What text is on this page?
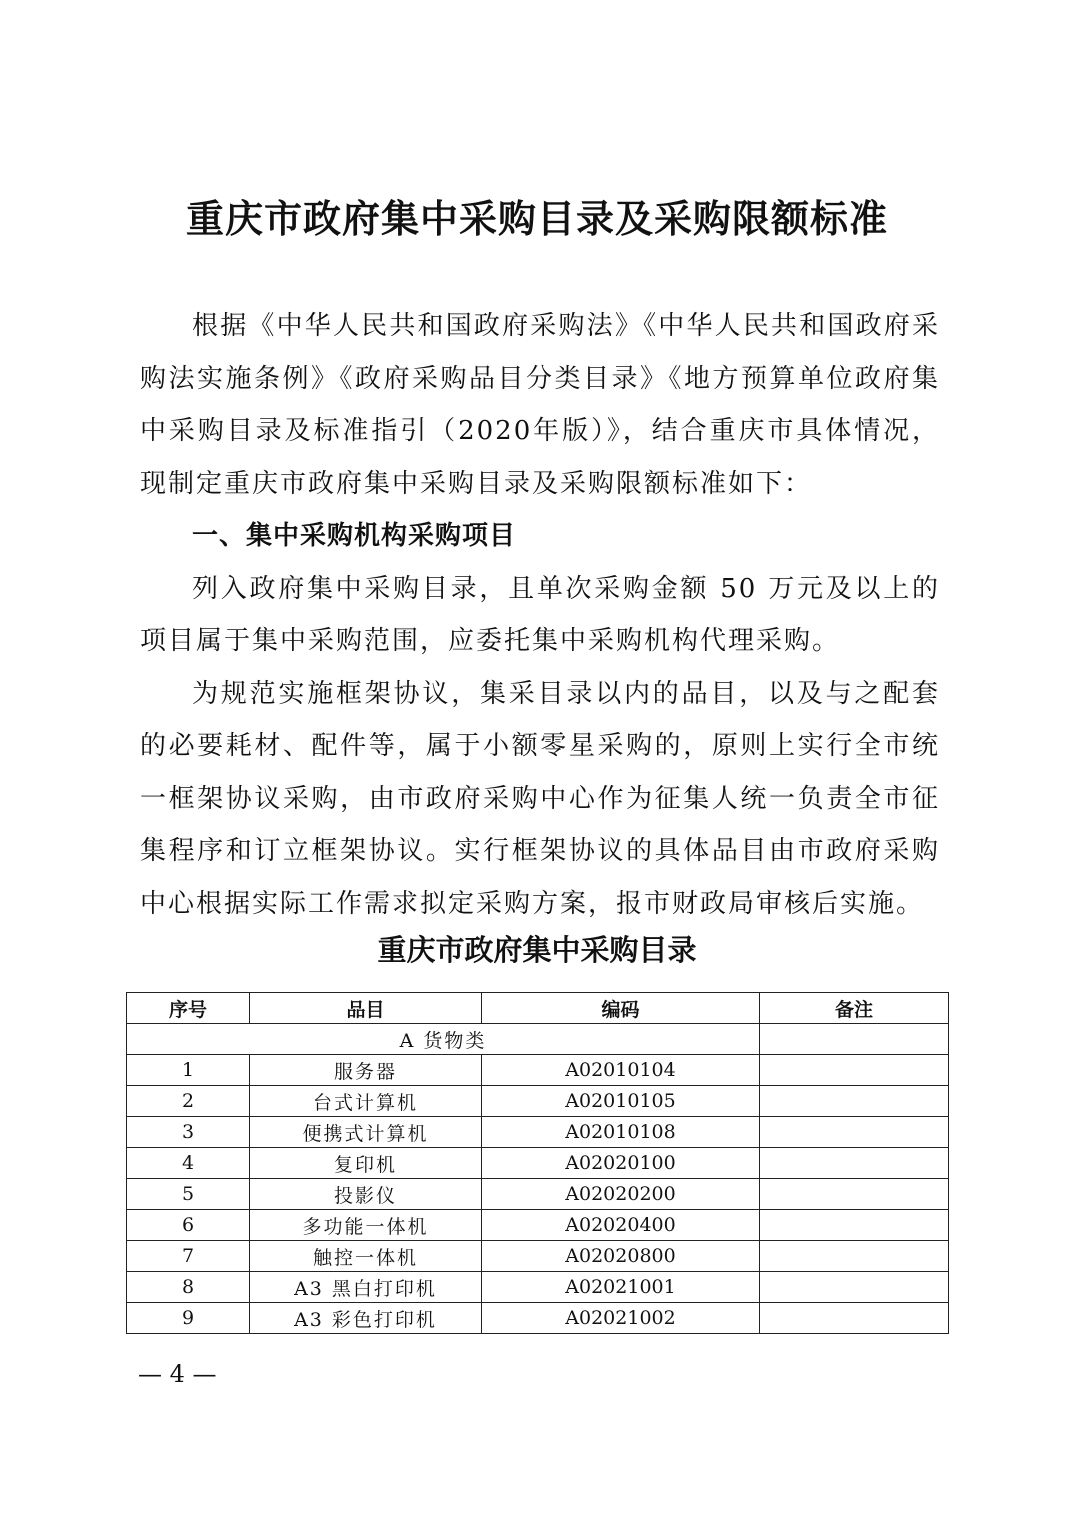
重庆市政府集中采购目录及采购限额标准

根据《中华人民共和国政府采购法》《中华人民共和国政府采购法实施条例》《政府采购品目分类目录》《地方预算单位政府集中采购目录及标准指引（2020年版）》，结合重庆市具体情况，现制定重庆市政府集中采购目录及采购限额标准如下：

一、集中采购机构采购项目

列入政府集中采购目录，且单次采购金额 50 万元及以上的项目属于集中采购范围，应委托集中采购机构代理采购。

为规范实施框架协议，集采目录以内的品目，以及与之配套的必要耗材、配件等，属于小额零星采购的，原则上实行全市统一框架协议采购，由市政府采购中心作为征集人统一负责全市征集程序和订立框架协议。实行框架协议的具体品目由市政府采购中心根据实际工作需求拟定采购方案，报市财政局审核后实施。

重庆市政府集中采购目录
序号	品目	编码	备注
A 货物类			
1	服务器	A02010104	
2	台式计算机	A02010105	
3	便携式计算机	A02010108	
4	复印机	A02020100	
5	投影仪	A02020200	
6	多功能一体机	A02020400	
7	触控一体机	A02020800	
8	A3 黑白打印机	A02021001	
9	A3 彩色打印机	A02021002	
— 4 —
